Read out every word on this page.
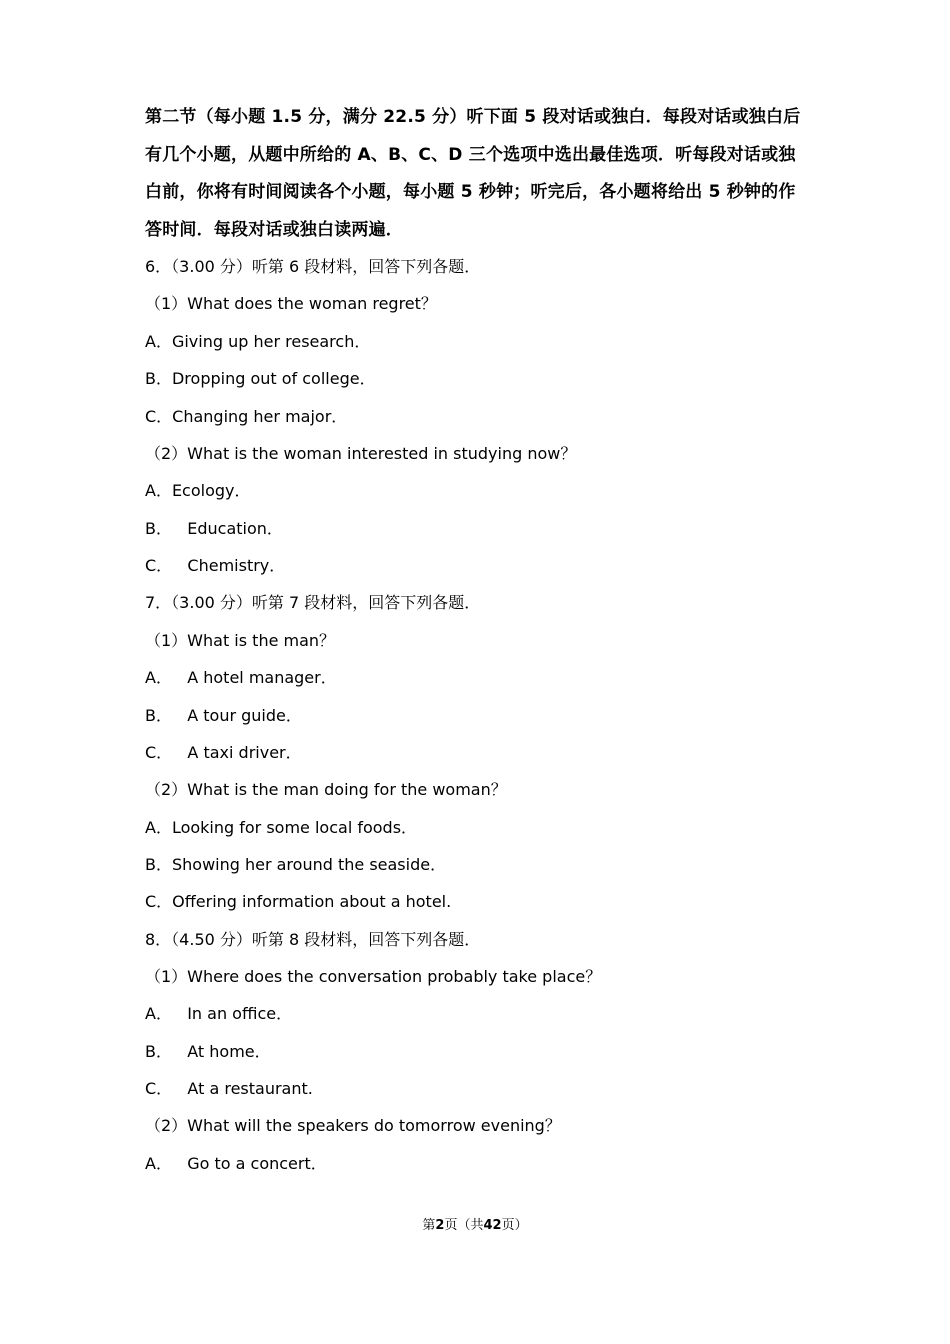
第二节（每小题 1.5 分，满分 22.5 分）听下面 5 段对话或独白．每段对话或独白后有几个小题，从题中所给的 A、B、C、D 三个选项中选出最佳选项．听每段对话或独白前，你将有时间阅读各个小题，每小题 5 秒钟；听完后，各小题将给出 5 秒钟的作答时间．每段对话或独白读两遍．
6．（3.00 分）听第 6 段材料，回答下列各题．
（1）What does the woman regret？
A．Giving up her research．
B．Dropping out of college．
C．Changing her major．
（2）What is the woman interested in studying now？
A．Ecology．
B．   Education．
C．   Chemistry．
7．（3.00 分）听第 7 段材料，回答下列各题．
（1）What is the man？
A．   A hotel manager．
B．   A tour guide．
C．   A taxi driver．
（2）What is the man doing for the woman？
A．Looking for some local foods．
B．Showing her around the seaside．
C．Offering information about a hotel.
8．（4.50 分）听第 8 段材料，回答下列各题．
（1）Where does the conversation probably take place？
A．   In an office．
B．   At home．
C．   At a restaurant.
（2）What will the speakers do tomorrow evening？
A．   Go to a concert．
第2页（共42页）
